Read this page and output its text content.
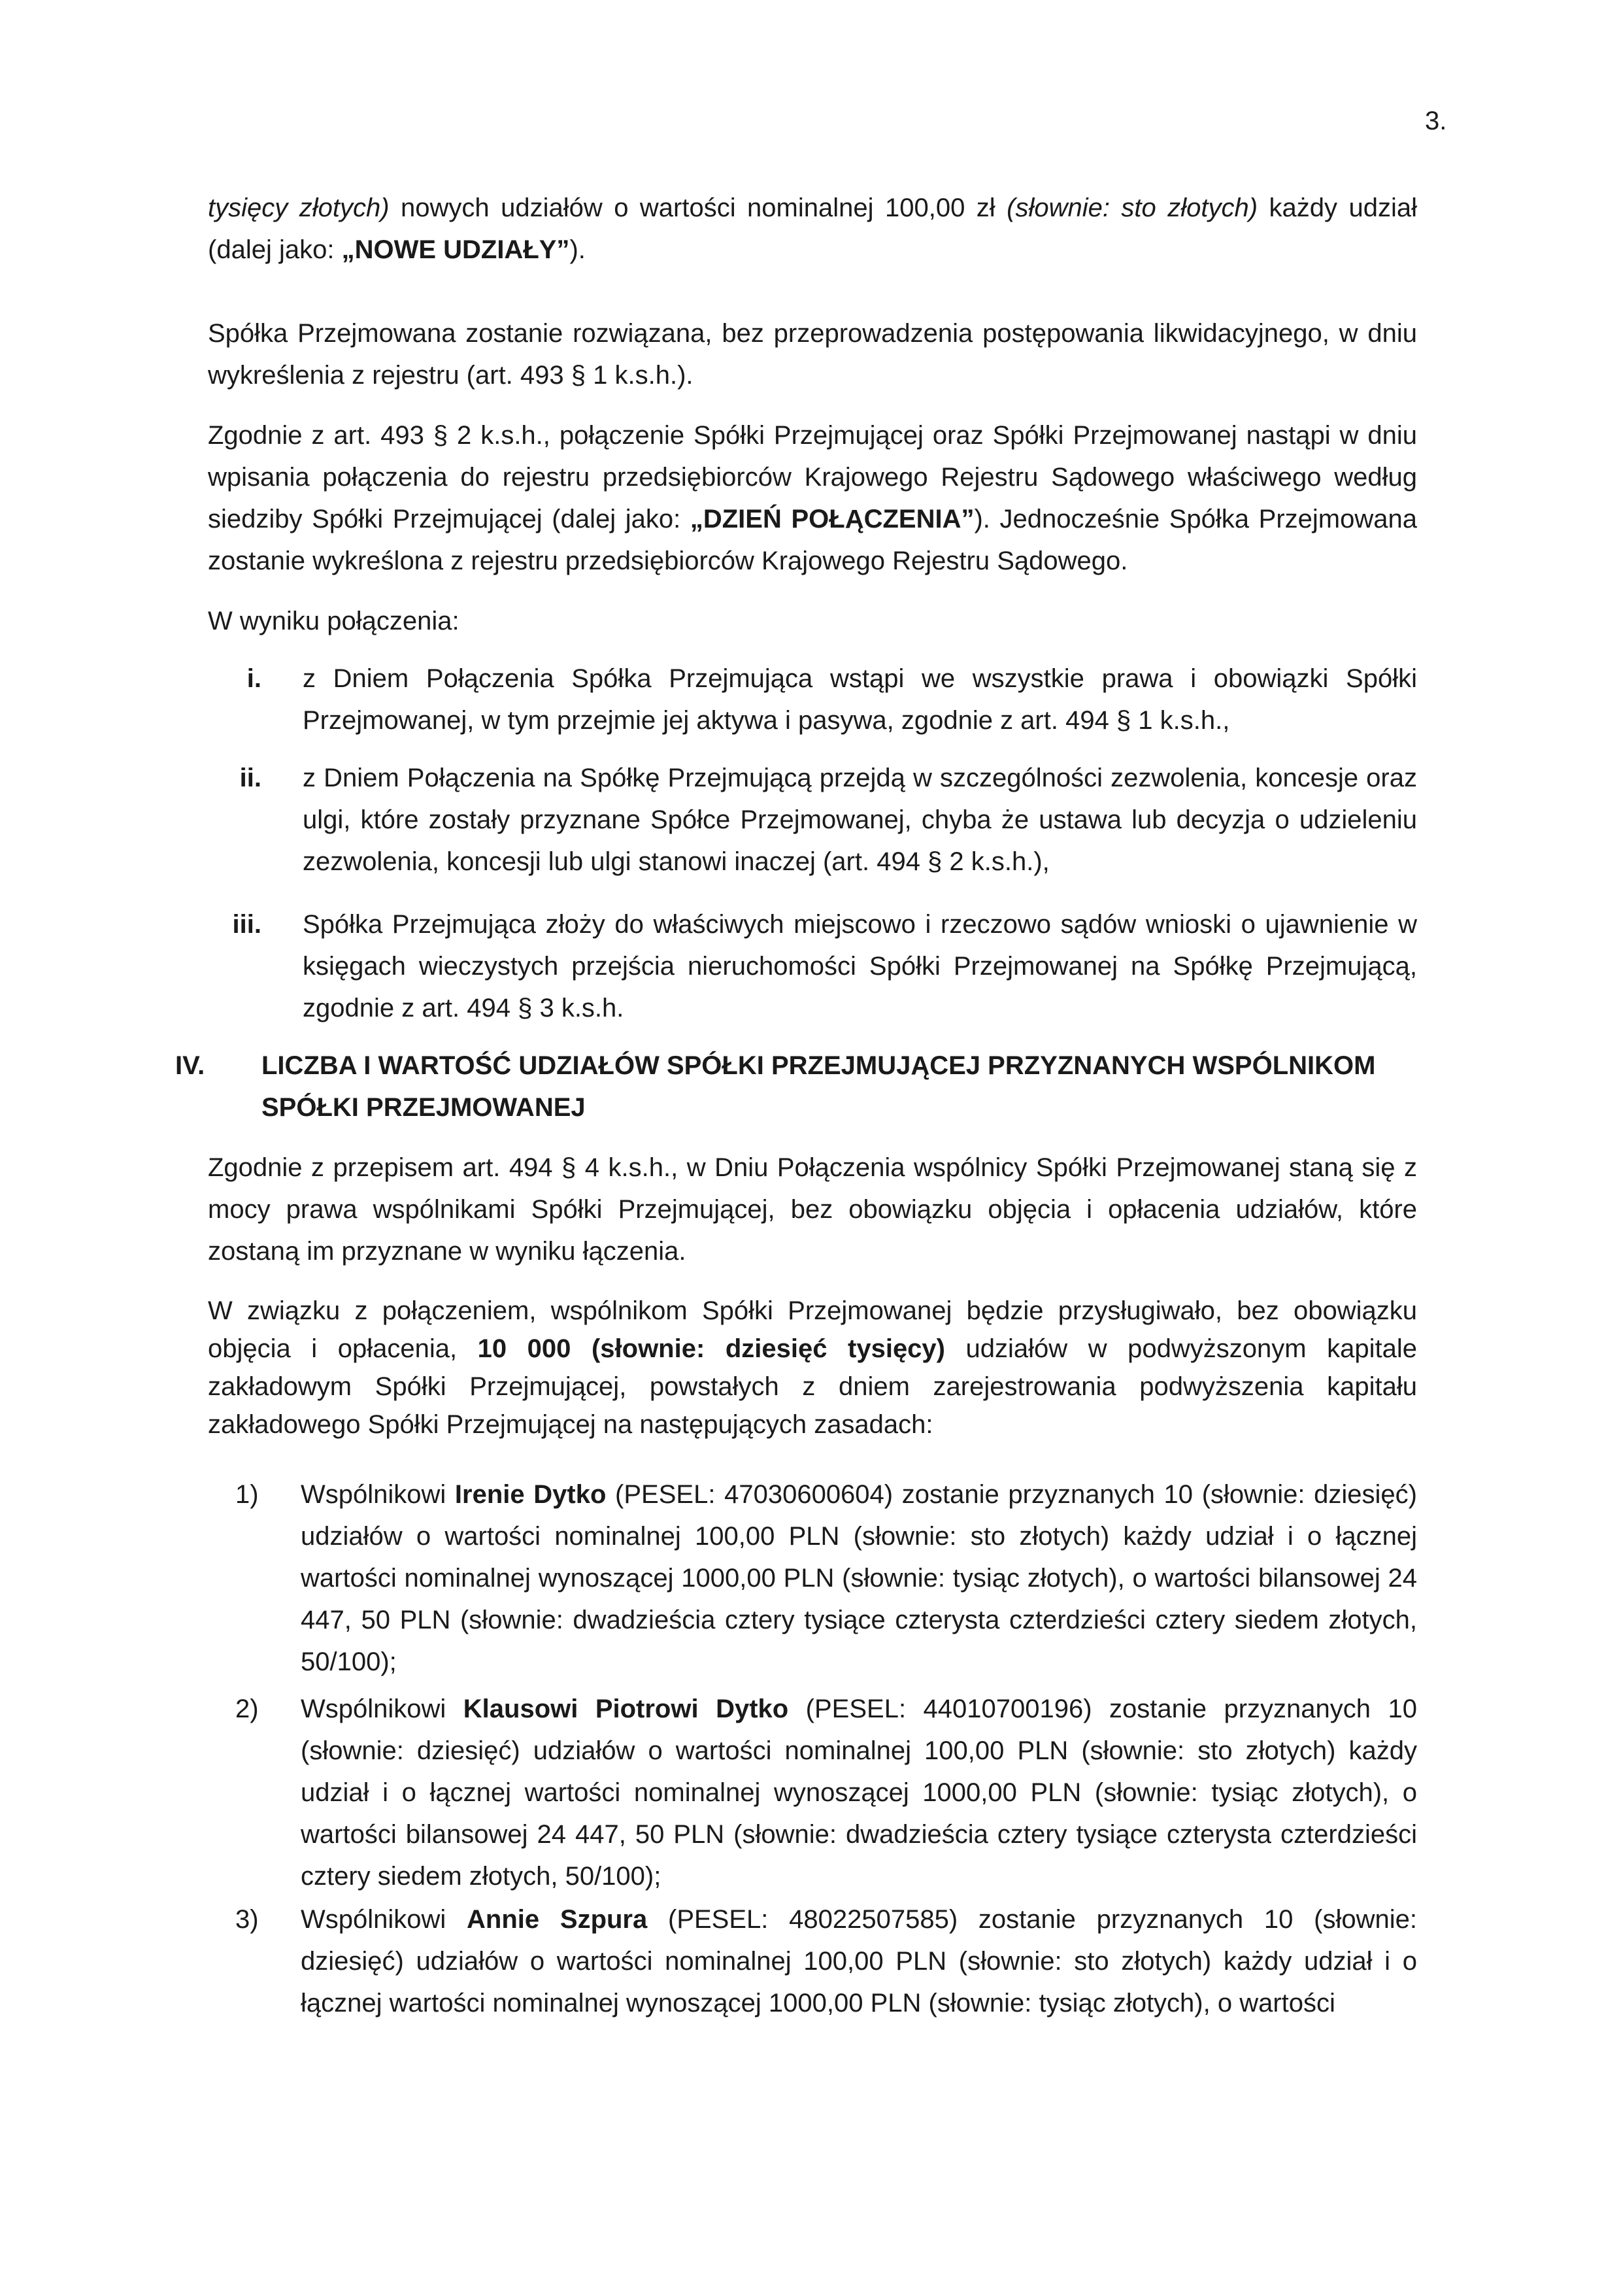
3.
tysięcy złotych) nowych udziałów o wartości nominalnej 100,00 zł (słownie: sto złotych) każdy udział (dalej jako: „NOWE UDZIAŁY”).
Spółka Przejmowana zostanie rozwiązana, bez przeprowadzenia postępowania likwidacyjnego, w dniu wykreślenia z rejestru (art. 493 § 1 k.s.h.).
Zgodnie z art. 493 § 2 k.s.h., połączenie Spółki Przejmującej oraz Spółki Przejmowanej nastąpi w dniu wpisania połączenia do rejestru przedsiębiorców Krajowego Rejestru Sądowego właściwego według siedziby Spółki Przejmującej (dalej jako: „DZIEŃ POŁĄCZENIA”). Jednocześnie Spółka Przejmowana zostanie wykreślona z rejestru przedsiębiorców Krajowego Rejestru Sądowego.
W wyniku połączenia:
i. z Dniem Połączenia Spółka Przejmująca wstąpi we wszystkie prawa i obowiązki Spółki Przejmowanej, w tym przejmie jej aktywa i pasywa, zgodnie z art. 494 § 1 k.s.h.,
ii. z Dniem Połączenia na Spółkę Przejmującą przejdą w szczególności zezwolenia, koncesje oraz ulgi, które zostały przyznane Spółce Przejmowanej, chyba że ustawa lub decyzja o udzieleniu zezwolenia, koncesji lub ulgi stanowi inaczej (art. 494 § 2 k.s.h.),
iii. Spółka Przejmująca złoży do właściwych miejscowo i rzeczowo sądów wnioski o ujawnienie w księgach wieczystych przejścia nieruchomości Spółki Przejmowanej na Spółkę Przejmującą, zgodnie z art. 494 § 3 k.s.h.
IV. LICZBA I WARTOŚĆ UDZIAŁÓW SPÓŁKI PRZEJMUJĄCEJ PRZYZNANYCH WSPÓLNIKOM SPÓŁKI PRZEJMOWANEJ
Zgodnie z przepisem art. 494 § 4 k.s.h., w Dniu Połączenia wspólnicy Spółki Przejmowanej staną się z mocy prawa wspólnikami Spółki Przejmującej, bez obowiązku objęcia i opłacenia udziałów, które zostaną im przyznane w wyniku łączenia.
W związku z połączeniem, wspólnikom Spółki Przejmowanej będzie przysługiwało, bez obowiązku objęcia i opłacenia, 10 000 (słownie: dziesięć tysięcy) udziałów w podwyższonym kapitale zakładowym Spółki Przejmującej, powstałych z dniem zarejestrowania podwyższenia kapitału zakładowego Spółki Przejmującej na następujących zasadach:
1)	Wspólnikowi Irenie Dytko (PESEL: 47030600604) zostanie przyznanych 10 (słownie: dziesięć) udziałów o wartości nominalnej 100,00 PLN (słownie: sto złotych) każdy udział i o łącznej wartości nominalnej wynoszącej 1000,00 PLN (słownie: tysiąc złotych), o wartości bilansowej 24 447, 50 PLN (słownie: dwadzieścia cztery tysiące czterysta czterdzieści cztery siedem złotych, 50/100);
2)	Wspólnikowi Klausowi Piotrowi Dytko (PESEL: 44010700196) zostanie przyznanych 10 (słownie: dziesięć) udziałów o wartości nominalnej 100,00 PLN (słownie: sto złotych) każdy udział i o łącznej wartości nominalnej wynoszącej 1000,00 PLN (słownie: tysiąc złotych), o wartości bilansowej 24 447, 50 PLN (słownie: dwadzieścia cztery tysiące czterysta czterdzieści cztery siedem złotych, 50/100);
3)	Wspólnikowi Annie Szpura (PESEL: 48022507585) zostanie przyznanych 10 (słownie: dziesięć) udziałów o wartości nominalnej 100,00 PLN (słownie: sto złotych) każdy udział i o łącznej wartości nominalnej wynoszącej 1000,00 PLN (słownie: tysiąc złotych), o wartości
